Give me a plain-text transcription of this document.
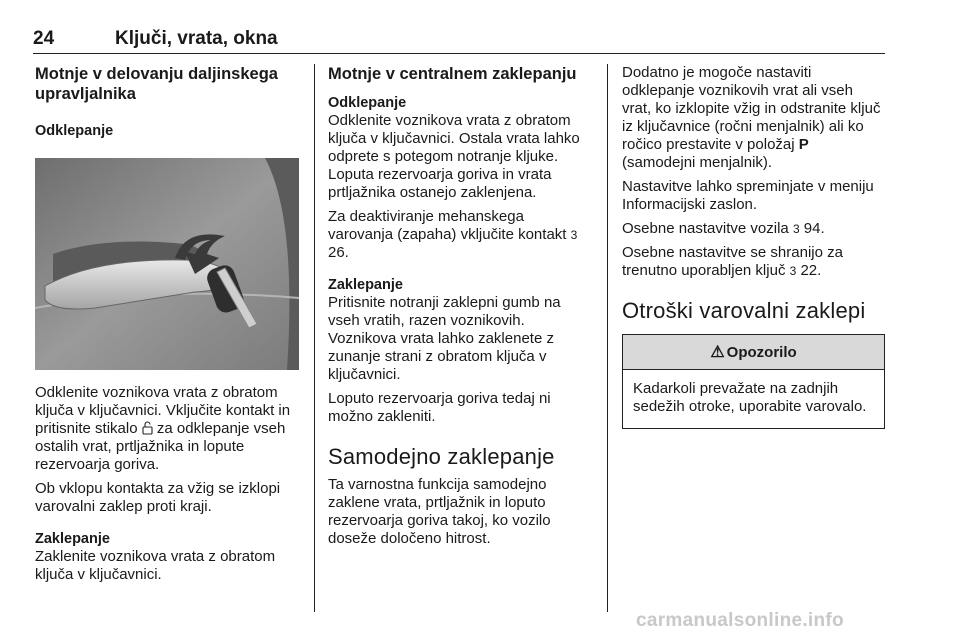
24	Ključi, vrata, okna
Motnje v delovanju daljinskega upravljalnika
Odklepanje

Odklenite voznikova vrata z obratom ključa v ključavnici. Vključite kontakt in pritisnite stikalo  za odklepanje vseh ostalih vrat, prtljažnika in lopute rezervoarja goriva.

Ob vklopu kontakta za vžig se izklopi varovalni zaklep proti kraji.

Zaklepanje

Zaklenite voznikova vrata z obratom ključa v ključavnici.

Motnje v centralnem zaklepanju
Odklepanje

Odklenite voznikova vrata z obratom ključa v ključavnici. Ostala vrata lahko odprete s potegom notranje kljuke. Loputa rezervoarja goriva in vrata prtljažnika ostanejo zaklenjena.

Za deaktiviranje mehanskega varovanja (zapaha) vključite kontakt 3 26.

Zaklepanje

Pritisnite notranji zaklepni gumb na vseh vratih, razen voznikovih. Voznikova vrata lahko zaklenete z zunanje strani z obratom ključa v ključavnici.

Loputo rezervoarja goriva tedaj ni možno zakleniti.

Samodejno zaklepanje

Ta varnostna funkcija samodejno zaklene vrata, prtljažnik in loputo rezervoarja goriva takoj, ko vozilo doseže določeno hitrost.

Dodatno je mogoče nastaviti odklepanje voznikovih vrat ali vseh vrat, ko izklopite vžig in odstranite ključ iz ključavnice (ročni menjalnik) ali ko ročico prestavite v položaj P (samodejni menjalnik).

Nastavitve lahko spreminjate v meniju Informacijski zaslon.

Osebne nastavitve vozila 3 94.

Osebne nastavitve se shranijo za trenutno uporabljen ključ 3 22.

Otroški varovalni zaklepi
⚠ Opozorilo

Kadarkoli prevažate na zadnjih sedežih otroke, uporabite varovalo.

carmanualsonline.info
